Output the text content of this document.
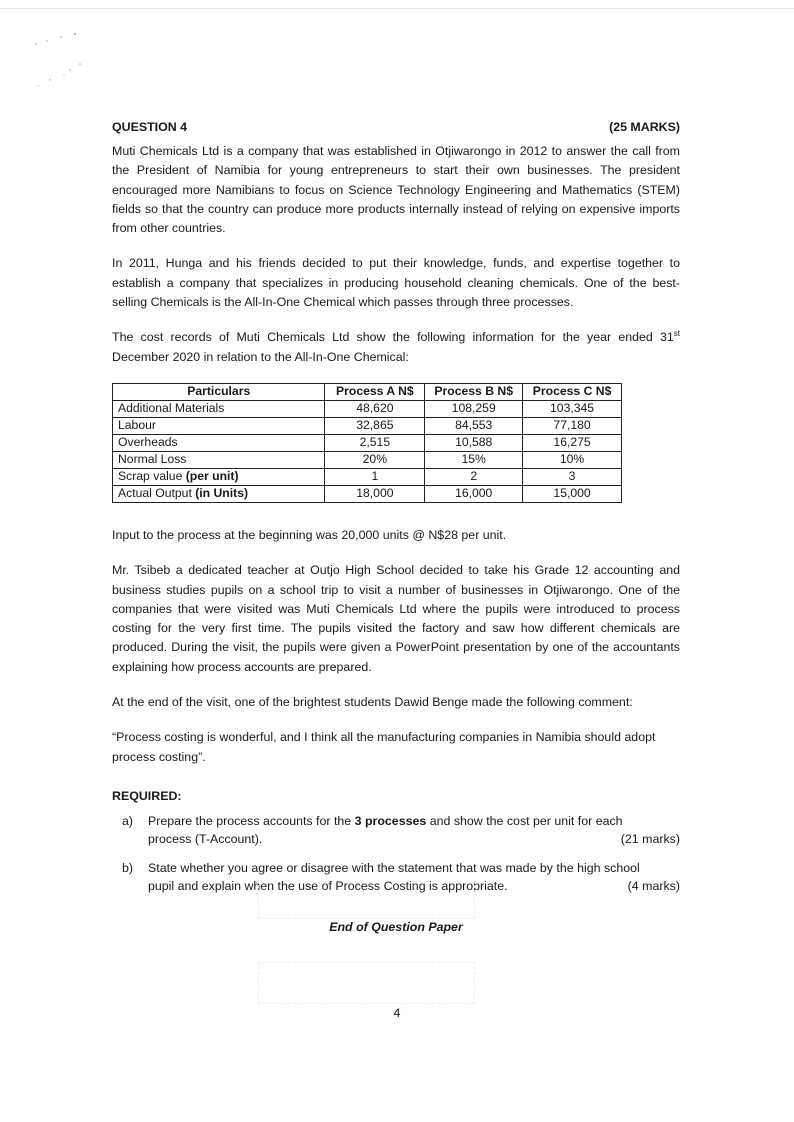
QUESTION 4	(25 MARKS)

Muti Chemicals Ltd is a company that was established in Otjiwarongo in 2012 to answer the call from the President of Namibia for young entrepreneurs to start their own businesses. The president encouraged more Namibians to focus on Science Technology Engineering and Mathematics (STEM) fields so that the country can produce more products internally instead of relying on expensive imports from other countries.

In 2011, Hunga and his friends decided to put their knowledge, funds, and expertise together to establish a company that specializes in producing household cleaning chemicals. One of the best-selling Chemicals is the All-In-One Chemical which passes through three processes.

The cost records of Muti Chemicals Ltd show the following information for the year ended 31st December 2020 in relation to the All-In-One Chemical:

Particulars	Process A N$	Process B N$	Process C N$
Additional Materials	48,620	108,259	103,345
Labour	32,865	84,553	77,180
Overheads	2,515	10,588	16,275
Normal Loss	20%	15%	10%
Scrap value (per unit)	1	2	3
Actual Output (in Units)	18,000	16,000	15,000

Input to the process at the beginning was 20,000 units @ N$28 per unit.

Mr. Tsibeb a dedicated teacher at Outjo High School decided to take his Grade 12 accounting and business studies pupils on a school trip to visit a number of businesses in Otjiwarongo. One of the companies that were visited was Muti Chemicals Ltd where the pupils were introduced to process costing for the very first time. The pupils visited the factory and saw how different chemicals are produced. During the visit, the pupils were given a PowerPoint presentation by one of the accountants explaining how process accounts are prepared.

At the end of the visit, one of the brightest students Dawid Benge made the following comment:

“Process costing is wonderful, and I think all the manufacturing companies in Namibia should adopt process costing”.

REQUIRED:
a)	Prepare the process accounts for the 3 processes and show the cost per unit for each
process (T-Account).	(21 marks)
b)	State whether you agree or disagree with the statement that was made by the high school
pupil and explain when the use of Process Costing is appropriate.	(4 marks)
End of Question Paper
4
